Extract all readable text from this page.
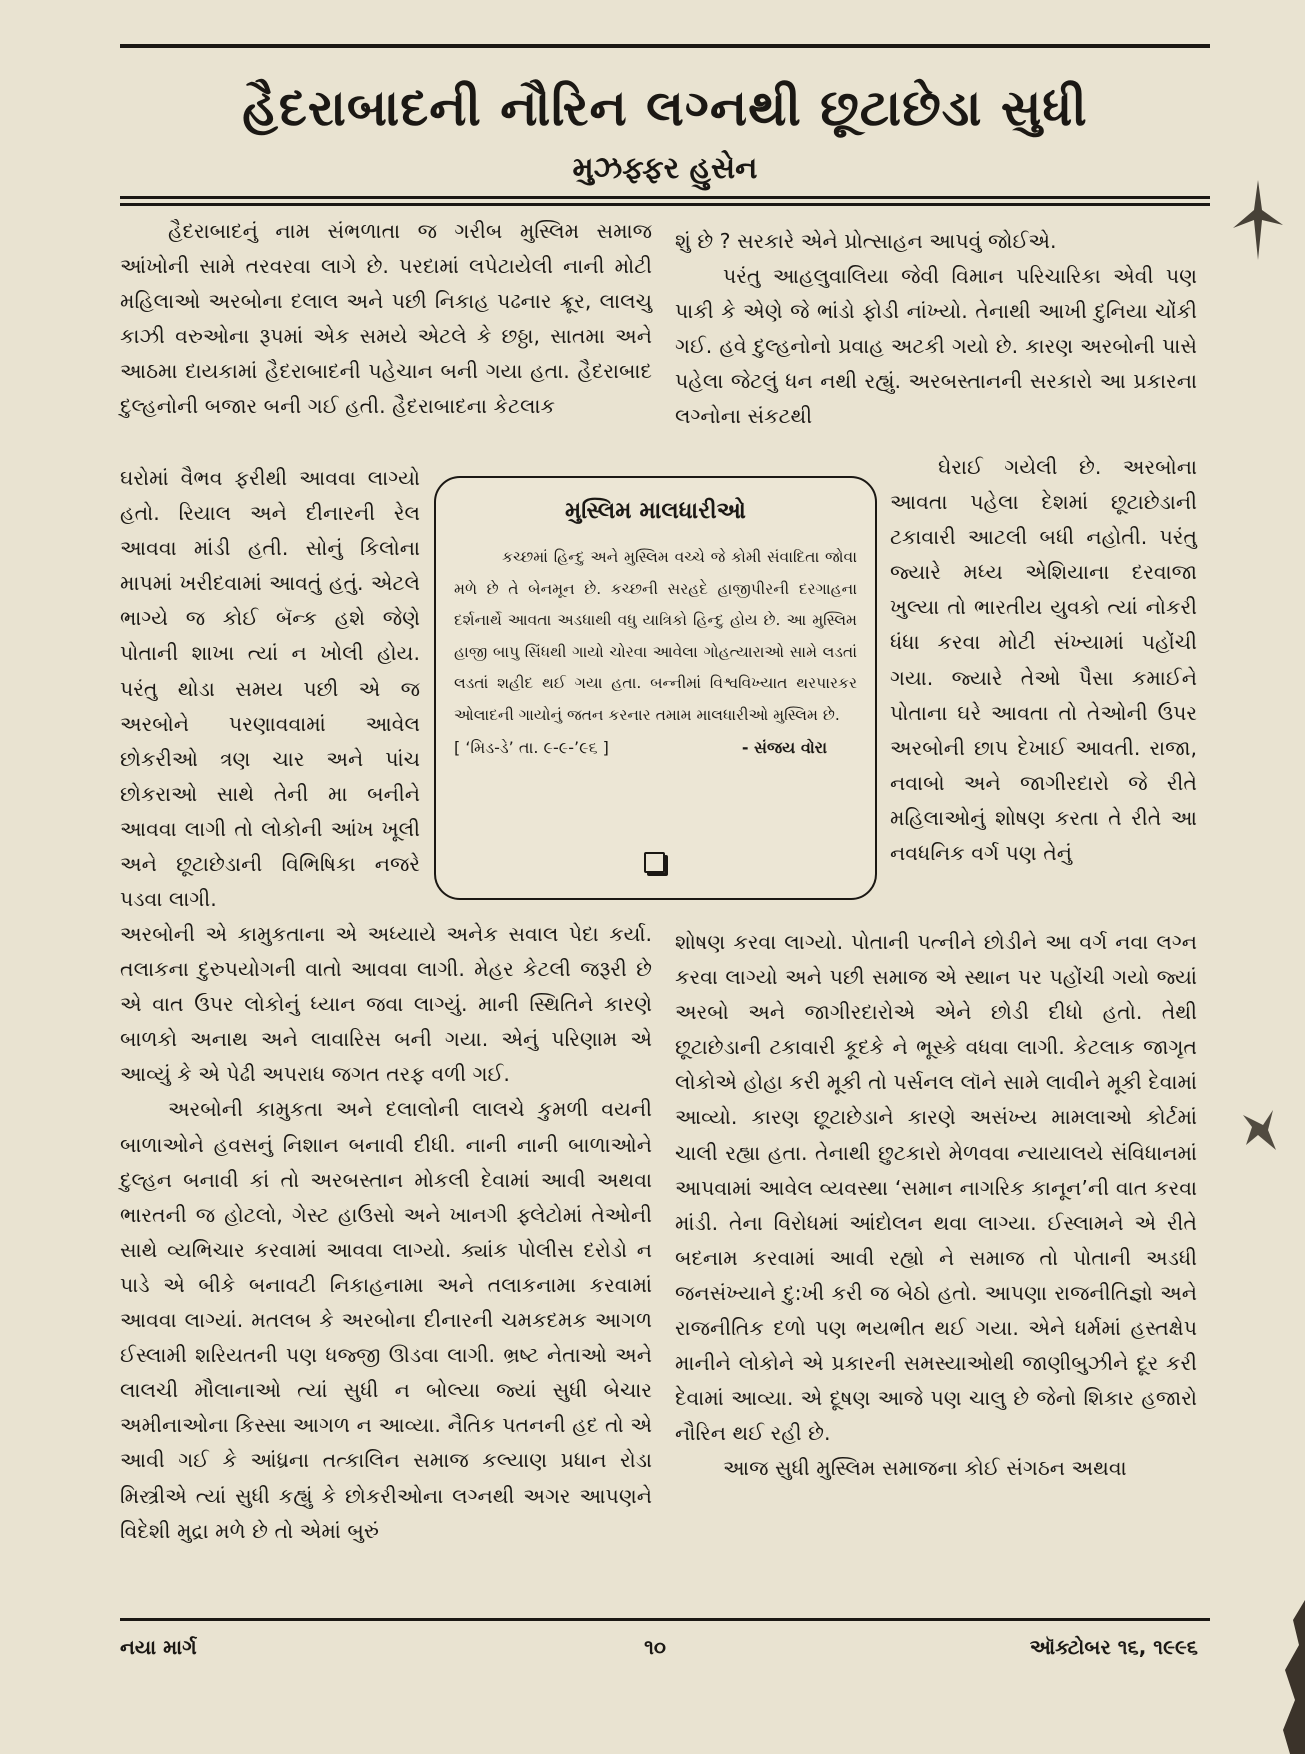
હૈદરાબાદની નૌરિન લગ્નથી છૂટાછેડા સુધી

મુઝફ્ફર હુસેન

હૈદરાબાદનું નામ સંભળાતા જ ગરીબ મુસ્લિમ સમાજ આંખોની સામે તરવરવા લાગે છે. પરદામાં લપેટાયેલી નાની મોટી મહિલાઓ અરબોના દલાલ અને પછી નિકાહ પઢનાર ક્રૂર, લાલચુ કાઝી વરુઓના રૂપમાં એક સમયે એટલે કે છઠ્ઠા, સાતમા અને આઠમા દાયકામાં હૈદરાબાદની પહેચાન બની ગયા હતા. હૈદરાબાદ દુલ્હનોની બજાર બની ગઈ હતી. હૈદરાબાદના કેટલાક

ઘરોમાં વૈભવ ફરીથી આવવા લાગ્યો હતો. રિયાલ અને દીનારની રેલ આવવા માંડી હતી. સોનું કિલોના માપમાં ખરીદવામાં આવતું હતું. એટલે ભાગ્યે જ કોઈ બૅન્ક હશે જેણે પોતાની શાખા ત્યાં ન ખોલી હોય. પરંતુ થોડા સમય પછી એ જ અરબોને પરણાવવામાં આવેલ છોકરીઓ ત્રણ ચાર અને પાંચ છોકરાઓ સાથે તેની મા બનીને આવવા લાગી તો લોકોની આંખ ખૂલી અને છૂટાછેડાની વિભિષિકા નજરે પડવા લાગી.

મુસ્લિમ માલધારીઓ

કચ્છમાં હિન્દુ અને મુસ્લિમ વચ્ચે જે કોમી સંવાદિતા જોવા મળે છે તે બેનમૂન છે. કચ્છની સરહદે હાજીપીરની દરગાહના દર્શનાર્થે આવતા અડધાથી વધુ યાત્રિકો હિન્દુ હોય છે. આ મુસ્લિમ હાજી બાપુ સિંધથી ગાયો ચોરવા આવેલા ગોહત્યારાઓ સામે લડતાં લડતાં શહીદ થઈ ગયા હતા. બન્નીમાં વિશ્વવિખ્યાત થરપારકર ઓલાદની ગાયોનું જતન કરનાર તમામ માલધારીઓ મુસ્લિમ છે.

[ ‘મિડ-ડે’ તા. ૯-૯-’૯૬ ]	- સંજય વોરા

અરબોની એ કામુકતાના એ અધ્યાયે અનેક સવાલ પેદા કર્યા. તલાકના દુરુપયોગની વાતો આવવા લાગી. મેહર કેટલી જરૂરી છે એ વાત ઉપર લોકોનું ધ્યાન જવા લાગ્યું. માની સ્થિતિને કારણે બાળકો અનાથ અને લાવારિસ બની ગયા. એનું પરિણામ એ આવ્યું કે એ પેઢી અપરાધ જગત તરફ વળી ગઈ.

અરબોની કામુકતા અને દલાલોની લાલચે કુમળી વયની બાળાઓને હવસનું નિશાન બનાવી દીધી. નાની નાની બાળાઓને દુલ્હન બનાવી કાં તો અરબસ્તાન મોકલી દેવામાં આવી અથવા ભારતની જ હોટલો, ગેસ્ટ હાઉસો અને ખાનગી ફ્લેટોમાં તેઓની સાથે વ્યભિચાર કરવામાં આવવા લાગ્યો. ક્યાંક પોલીસ દરોડો ન પાડે એ બીકે બનાવટી નિકાહનામા અને તલાકનામા કરવામાં આવવા લાગ્યાં. મતલબ કે અરબોના દીનારની ચમકદમક આગળ ઈસ્લામી શરિયતની પણ ધજ્જી ઊડવા લાગી. ભ્રષ્ટ નેતાઓ અને લાલચી મૌલાનાઓ ત્યાં સુધી ન બોલ્યા જ્યાં સુધી બેચાર અમીનાઓના કિસ્સા આગળ ન આવ્યા. નૈતિક પતનની હદ તો એ આવી ગઈ કે આંધ્રના તત્કાલિન સમાજ કલ્યાણ પ્રધાન રોડા મિસ્ત્રીએ ત્યાં સુધી કહ્યું કે છોકરીઓના લગ્નથી અગર આપણને વિદેશી મુદ્રા મળે છે તો એમાં બુરું

શું છે ? સરકારે એને પ્રોત્સાહન આપવું જોઈએ.

પરંતુ આહલુવાલિયા જેવી વિમાન પરિચારિકા એવી પણ પાકી કે એણે જે ભાંડો ફોડી નાંખ્યો. તેનાથી આખી દુનિયા ચોંકી ગઈ. હવે દુલ્હનોનો પ્રવાહ અટકી ગયો છે. કારણ અરબોની પાસે પહેલા જેટલું ધન નથી રહ્યું. અરબસ્તાનની સરકારો આ પ્રકારના લગ્નોના સંકટથી

ઘેરાઈ ગયેલી છે. અરબોના આવતા પહેલા દેશમાં છૂટાછેડાની ટકાવારી આટલી બધી નહોતી. પરંતુ જ્યારે મધ્ય એશિયાના દરવાજા ખુલ્યા તો ભારતીય યુવકો ત્યાં નોકરી ધંધા કરવા મોટી સંખ્યામાં પહોંચી ગયા. જ્યારે તેઓ પૈસા કમાઈને પોતાના ઘરે આવતા તો તેઓની ઉપર અરબોની છાપ દેખાઈ આવતી. રાજા, નવાબો અને જાગીરદારો જે રીતે મહિલાઓનું શોષણ કરતા તે રીતે આ નવધનિક વર્ગ પણ તેનું

શોષણ કરવા લાગ્યો. પોતાની પત્નીને છોડીને આ વર્ગ નવા લગ્ન કરવા લાગ્યો અને પછી સમાજ એ સ્થાન પર પહોંચી ગયો જ્યાં અરબો અને જાગીરદારોએ એને છોડી દીધો હતો. તેથી છૂટાછેડાની ટકાવારી કૂદકે ને ભૂસ્કે વધવા લાગી. કેટલાક જાગૃત લોકોએ હોહા કરી મૂકી તો પર્સનલ લૉને સામે લાવીને મૂકી દેવામાં આવ્યો. કારણ છૂટાછેડાને કારણે અસંખ્ય મામલાઓ કોર્ટમાં ચાલી રહ્યા હતા. તેનાથી છુટકારો મેળવવા ન્યાયાલયે સંવિધાનમાં આપવામાં આવેલ વ્યવસ્થા ‘સમાન નાગરિક કાનૂન’ની વાત કરવા માંડી. તેના વિરોધમાં આંદોલન થવા લાગ્યા. ઈસ્લામને એ રીતે બદનામ કરવામાં આવી રહ્યો ને સમાજ તો પોતાની અડધી જનસંખ્યાને દુ:ખી કરી જ બેઠો હતો. આપણા રાજનીતિજ્ઞો અને રાજનીતિક દળો પણ ભયભીત થઈ ગયા. એને ધર્મમાં હસ્તક્ષેપ માનીને લોકોને એ પ્રકારની સમસ્યાઓથી જાણીબુઝીને દૂર કરી દેવામાં આવ્યા. એ દૂષણ આજે પણ ચાલુ છે જેનો શિકાર હજારો નૌરિન થઈ રહી છે.

આજ સુધી મુસ્લિમ સમાજના કોઈ સંગઠન અથવા

નયા માર્ગ	૧૦	ઑક્ટોબર ૧૬, ૧૯૯૬
